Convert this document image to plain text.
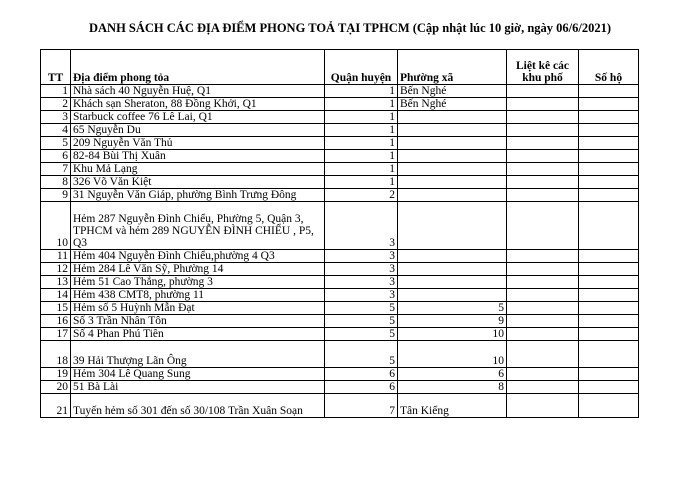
DANH SÁCH CÁC ĐỊA ĐIỂM PHONG TOẢ TẠI TPHCM (Cập nhật lúc 10 giờ, ngày 06/6/2021)
TT	Địa điểm phong tỏa	Quận huyện	Phường xã	Liệt kê các khu phố	Số hộ
1	Nhà sách 40 Nguyễn Huệ, Q1	1	Bến Nghé		
2	Khách sạn Sheraton, 88 Đồng Khởi, Q1	1	Bến Nghé		
3	Starbuck coffee 76 Lê Lai, Q1	1			
4	65 Nguyễn Du	1			
5	209 Nguyễn Văn Thủ	1			
6	82-84 Bùi Thị Xuân	1			
7	Khu Mả Lạng	1			
8	326 Võ Văn Kiệt	1			
9	31 Nguyễn Văn Giáp, phường Bình Trưng Đông	2			
10	Hẻm 287 Nguyễn Đình Chiểu, Phường 5, Quận 3, TPHCM và hẻm 289 NGUYỄN ĐÌNH CHIỂU , P5, Q3	3			
11	Hẻm 404 Nguyễn Đình Chiểu,phường 4 Q3	3			
12	Hẻm 284 Lê Văn Sỹ, Phường 14	3			
13	Hẻm 51 Cao Thắng, phường 3	3			
14	Hẻm 438 CMT8, phường 11	3			
15	Hẻm số 5 Huỳnh Mẫn Đạt	5	5		
16	Số 3 Trần Nhân Tôn	5	9		
17	Số 4 Phan Phú Tiên	5	10		
18	39 Hải Thượng Lãn Ông	5	10		
19	Hẻm 304 Lê Quang Sung	6	6		
20	51 Bà Lài	6	8		
21	Tuyến hẻm số 301 đến số 30/108 Trần Xuân Soạn	7	Tân Kiểng		
